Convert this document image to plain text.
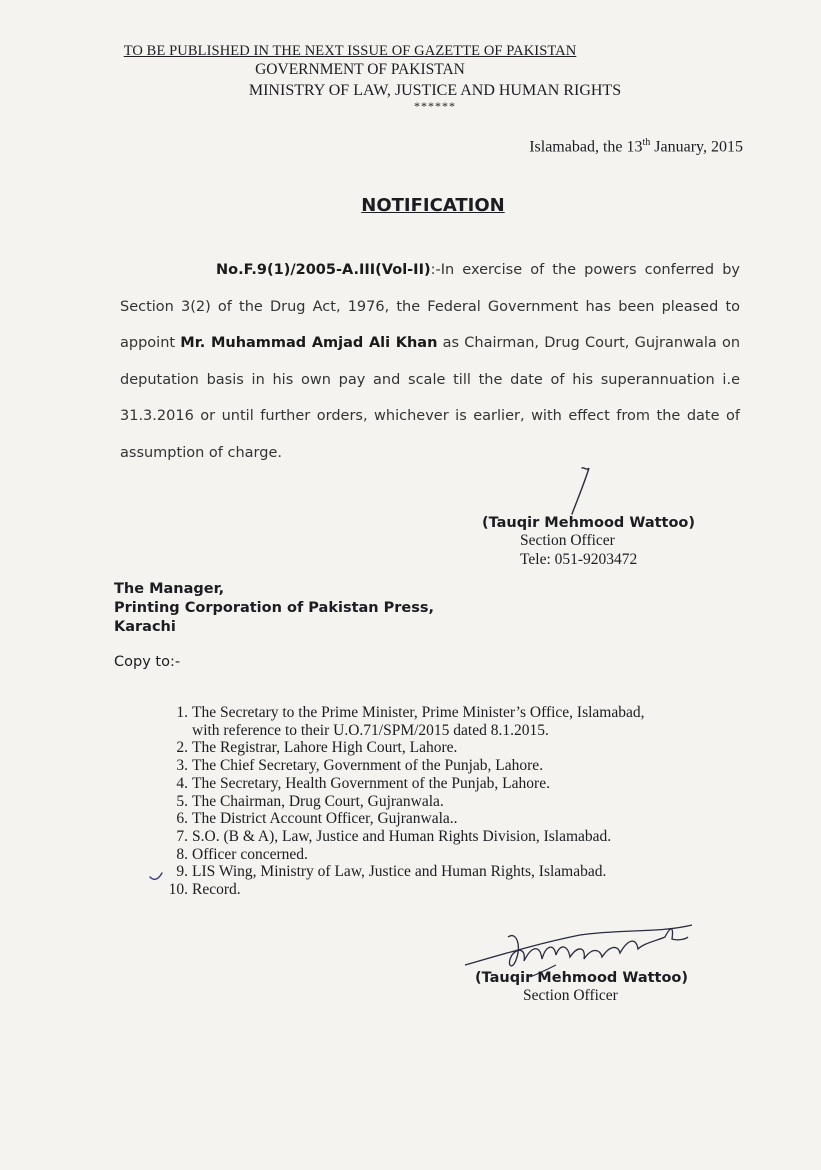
TO BE PUBLISHED IN THE NEXT ISSUE OF GAZETTE OF PAKISTAN
GOVERNMENT OF PAKISTAN
MINISTRY OF LAW, JUSTICE AND HUMAN RIGHTS
******
Islamabad, the 13th January, 2015
NOTIFICATION
No.F.9(1)/2005-A.III(Vol-II):-In exercise of the powers conferred by Section 3(2) of the Drug Act, 1976, the Federal Government has been pleased to appoint Mr. Muhammad Amjad Ali Khan as Chairman, Drug Court, Gujranwala on deputation basis in his own pay and scale till the date of his superannuation i.e 31.3.2016 or until further orders, whichever is earlier, with effect from the date of assumption of charge.
(Tauqir Mehmood Wattoo)
Section Officer
Tele: 051-9203472
The Manager,
Printing Corporation of Pakistan Press,
Karachi
Copy to:-
1. The Secretary to the Prime Minister, Prime Minister’s Office, Islamabad,
with reference to their U.O.71/SPM/2015 dated 8.1.2015.
2. The Registrar, Lahore High Court, Lahore.
3. The Chief Secretary, Government of the Punjab, Lahore.
4. The Secretary, Health Government of the Punjab, Lahore.
5. The Chairman, Drug Court, Gujranwala.
6. The District Account Officer, Gujranwala..
7. S.O. (B & A), Law, Justice and Human Rights Division, Islamabad.
8. Officer concerned.
9. LIS Wing, Ministry of Law, Justice and Human Rights, Islamabad.
10. Record.
(Tauqir Mehmood Wattoo)
Section Officer
